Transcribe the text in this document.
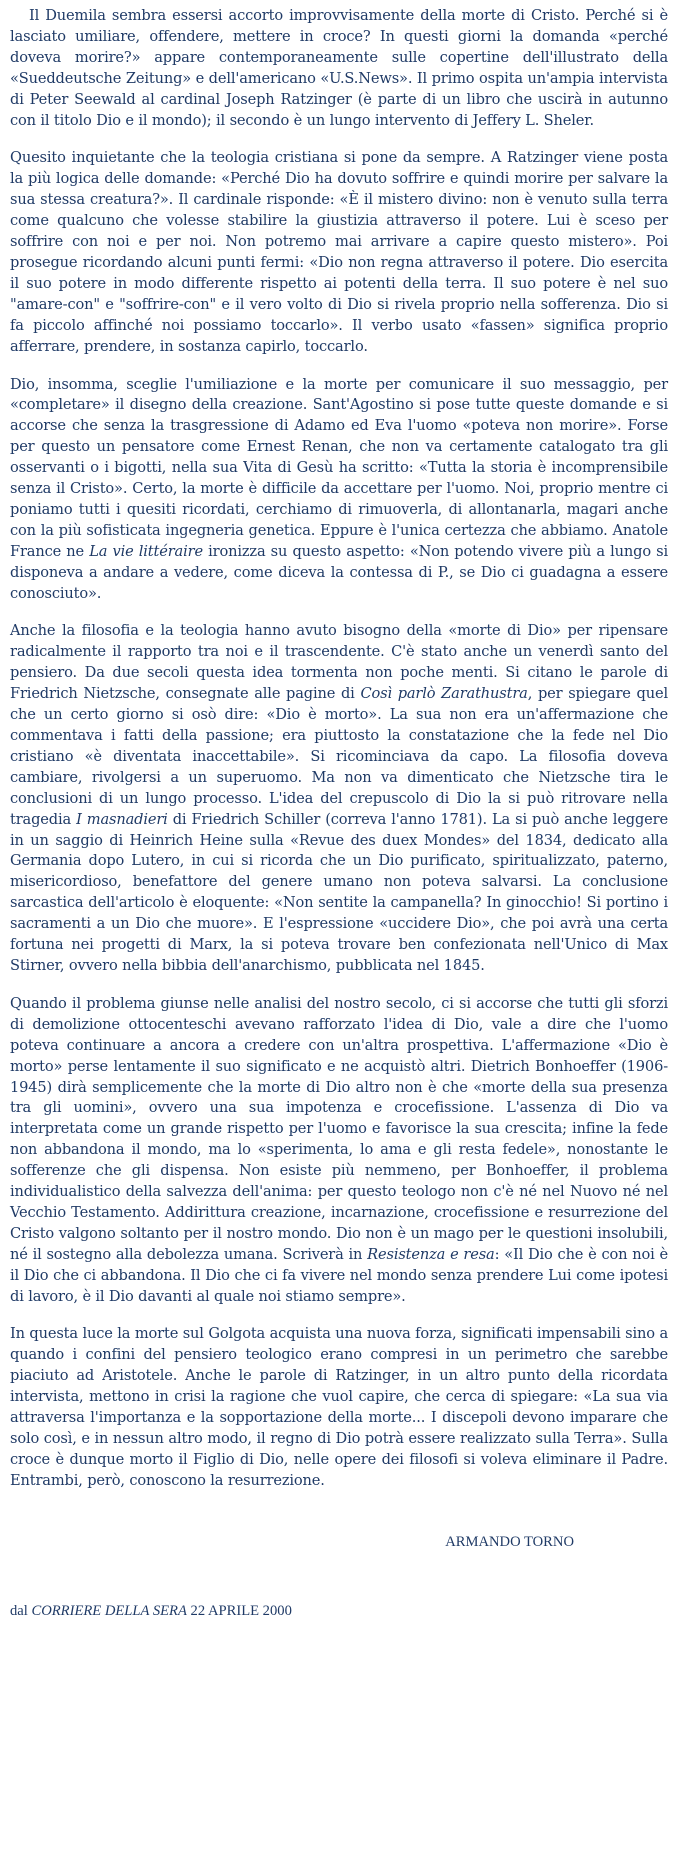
Il Duemila sembra essersi accorto improvvisamente della morte di Cristo. Perché si è lasciato umiliare, offendere, mettere in croce? In questi giorni la domanda «perché doveva morire?» appare contemporaneamente sulle copertine dell'illustrato della «Sueddeutsche Zeitung» e dell'americano «U.S.News». Il primo ospita un'ampia intervista di Peter Seewald al cardinal Joseph Ratzinger (è parte di un libro che uscirà in autunno con il titolo Dio e il mondo); il secondo è un lungo intervento di Jeffery L. Sheler.

Quesito inquietante che la teologia cristiana si pone da sempre. A Ratzinger viene posta la più logica delle domande: «Perché Dio ha dovuto soffrire e quindi morire per salvare la sua stessa creatura?». Il cardinale risponde: «È il mistero divino: non è venuto sulla terra come qualcuno che volesse stabilire la giustizia attraverso il potere. Lui è sceso per soffrire con noi e per noi. Non potremo mai arrivare a capire questo mistero». Poi prosegue ricordando alcuni punti fermi: «Dio non regna attraverso il potere. Dio esercita il suo potere in modo differente rispetto ai potenti della terra. Il suo potere è nel suo "amare-con" e "soffrire-con" e il vero volto di Dio si rivela proprio nella sofferenza. Dio si fa piccolo affinché noi possiamo toccarlo». Il verbo usato «fassen» significa proprio afferrare, prendere, in sostanza capirlo, toccarlo.

Dio, insomma, sceglie l'umiliazione e la morte per comunicare il suo messaggio, per «completare» il disegno della creazione. Sant'Agostino si pose tutte queste domande e si accorse che senza la trasgressione di Adamo ed Eva l'uomo «poteva non morire». Forse per questo un pensatore come Ernest Renan, che non va certamente catalogato tra gli osservanti o i bigotti, nella sua Vita di Gesù ha scritto: «Tutta la storia è incomprensibile senza il Cristo». Certo, la morte è difficile da accettare per l'uomo. Noi, proprio mentre ci poniamo tutti i quesiti ricordati, cerchiamo di rimuoverla, di allontanarla, magari anche con la più sofisticata ingegneria genetica. Eppure è l'unica certezza che abbiamo. Anatole France ne La vie littéraire ironizza su questo aspetto: «Non potendo vivere più a lungo si disponeva a andare a vedere, come diceva la contessa di P., se Dio ci guadagna a essere conosciuto».

Anche la filosofia e la teologia hanno avuto bisogno della «morte di Dio» per ripensare radicalmente il rapporto tra noi e il trascendente. C'è stato anche un venerdì santo del pensiero. Da due secoli questa idea tormenta non poche menti. Si citano le parole di Friedrich Nietzsche, consegnate alle pagine di Così parlò Zarathustra, per spiegare quel che un certo giorno si osò dire: «Dio è morto». La sua non era un'affermazione che commentava i fatti della passione; era piuttosto la constatazione che la fede nel Dio cristiano «è diventata inaccettabile». Si ricominciava da capo. La filosofia doveva cambiare, rivolgersi a un superuomo. Ma non va dimenticato che Nietzsche tira le conclusioni di un lungo processo. L'idea del crepuscolo di Dio la si può ritrovare nella tragedia I masnadieri di Friedrich Schiller (correva l'anno 1781). La si può anche leggere in un saggio di Heinrich Heine sulla «Revue des duex Mondes» del 1834, dedicato alla Germania dopo Lutero, in cui si ricorda che un Dio purificato, spiritualizzato, paterno, misericordioso, benefattore del genere umano non poteva salvarsi. La conclusione sarcastica dell'articolo è eloquente: «Non sentite la campanella? In ginocchio! Si portino i sacramenti a un Dio che muore». E l'espressione «uccidere Dio», che poi avrà una certa fortuna nei progetti di Marx, la si poteva trovare ben confezionata nell'Unico di Max Stirner, ovvero nella bibbia dell'anarchismo, pubblicata nel 1845.

Quando il problema giunse nelle analisi del nostro secolo, ci si accorse che tutti gli sforzi di demolizione ottocenteschi avevano rafforzato l'idea di Dio, vale a dire che l'uomo poteva continuare a ancora a credere con un'altra prospettiva. L'affermazione «Dio è morto» perse lentamente il suo significato e ne acquistò altri. Dietrich Bonhoeffer (1906-1945) dirà semplicemente che la morte di Dio altro non è che «morte della sua presenza tra gli uomini», ovvero una sua impotenza e crocefissione. L'assenza di Dio va interpretata come un grande rispetto per l'uomo e favorisce la sua crescita; infine la fede non abbandona il mondo, ma lo «sperimenta, lo ama e gli resta fedele», nonostante le sofferenze che gli dispensa. Non esiste più nemmeno, per Bonhoeffer, il problema individualistico della salvezza dell'anima: per questo teologo non c'è né nel Nuovo né nel Vecchio Testamento. Addirittura creazione, incarnazione, crocefissione e resurrezione del Cristo valgono soltanto per il nostro mondo. Dio non è un mago per le questioni insolubili, né il sostegno alla debolezza umana. Scriverà in Resistenza e resa: «Il Dio che è con noi è il Dio che ci abbandona. Il Dio che ci fa vivere nel mondo senza prendere Lui come ipotesi di lavoro, è il Dio davanti al quale noi stiamo sempre».

In questa luce la morte sul Golgota acquista una nuova forza, significati impensabili sino a quando i confini del pensiero teologico erano compresi in un perimetro che sarebbe piaciuto ad Aristotele. Anche le parole di Ratzinger, in un altro punto della ricordata intervista, mettono in crisi la ragione che vuol capire, che cerca di spiegare: «La sua via attraversa l'importanza e la sopportazione della morte... I discepoli devono imparare che solo così, e in nessun altro modo, il regno di Dio potrà essere realizzato sulla Terra». Sulla croce è dunque morto il Figlio di Dio, nelle opere dei filosofi si voleva eliminare il Padre. Entrambi, però, conoscono la resurrezione.

ARMANDO TORNO
dal CORRIERE DELLA SERA 22 APRILE 2000
